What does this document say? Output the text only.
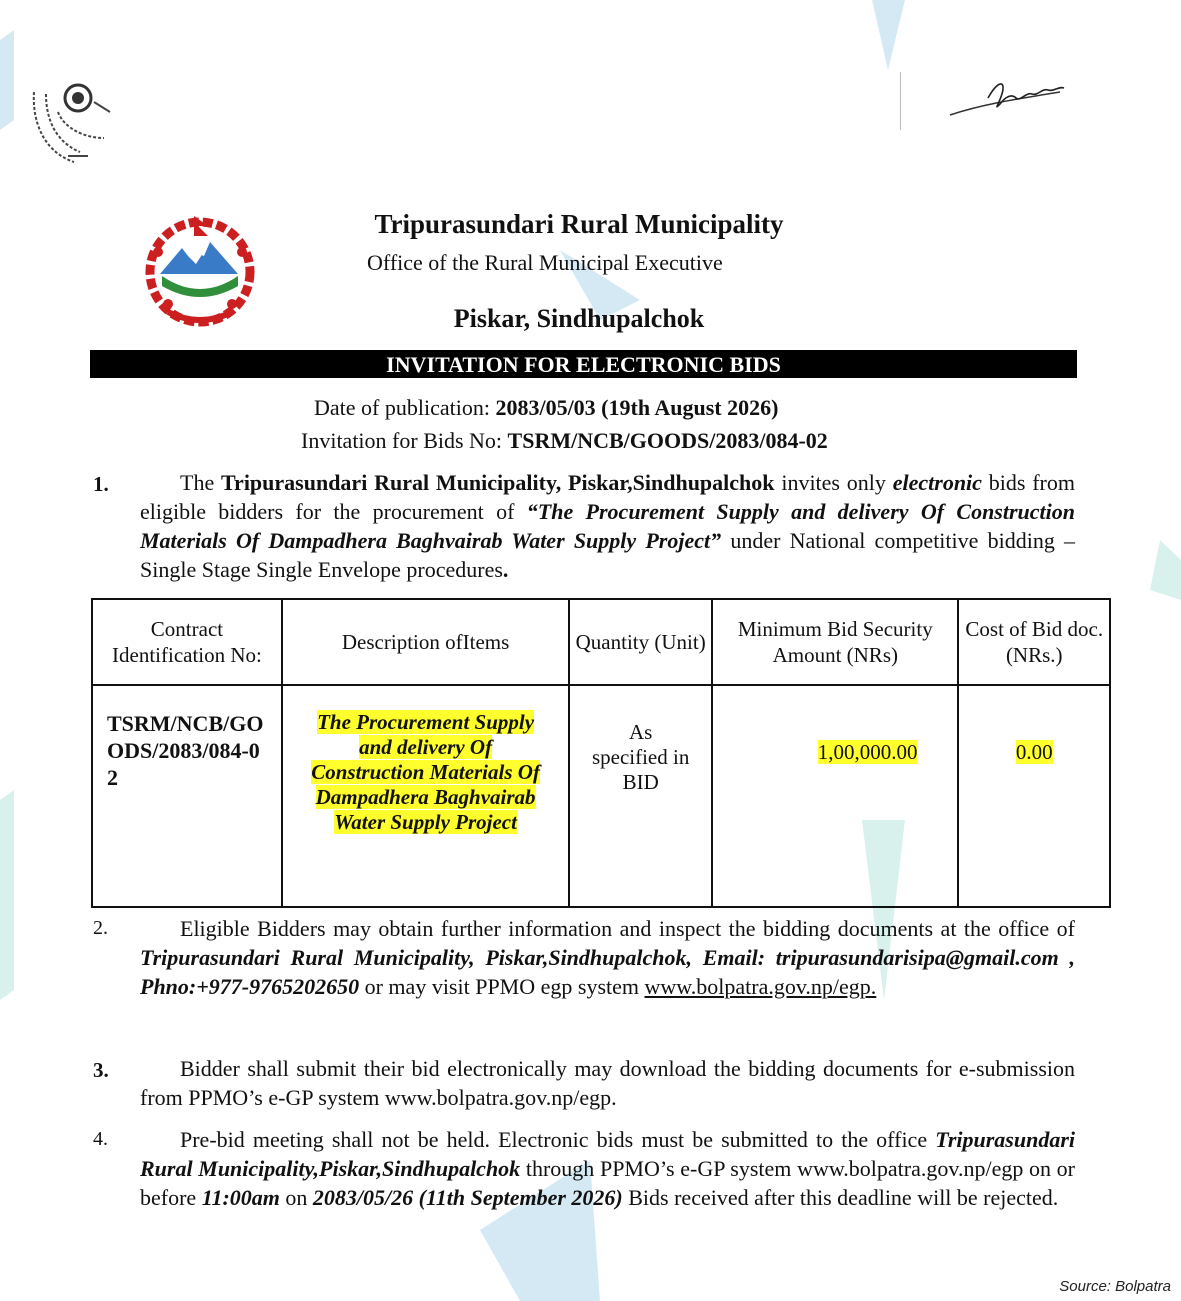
Tripurasundari Rural Municipality
Office of the Rural Municipal Executive
Piskar, Sindhupalchok
INVITATION FOR ELECTRONIC BIDS
Date of publication: 2083/05/03 (19th August 2026)
Invitation for Bids No: TSRM/NCB/GOODS/2083/084-02
1.	The Tripurasundari Rural Municipality, Piskar,Sindhupalchok invites only electronic bids from eligible bidders for the procurement of “The Procurement Supply and delivery Of Construction Materials Of Dampadhera Baghvairab Water Supply Project” under National competitive bidding – Single Stage Single Envelope procedures.
Contract Identification No:	Description ofItems	Quantity (Unit)	Minimum Bid Security Amount (NRs)	Cost of Bid doc. (NRs.)

TSRM/NCB/GOODS/2083/084-02	The Procurement Supply and delivery Of Construction Materials Of Dampadhera Baghvairab Water Supply Project	As specified in BID	1,00,000.00	0.00
2.	Eligible Bidders may obtain further information and inspect the bidding documents at the office of Tripurasundari Rural Municipality, Piskar,Sindhupalchok, Email: tripurasundarisipa@gmail.com , Phno:+977-9765202650 or may visit PPMO egp system www.bolpatra.gov.np/egp.
3.	Bidder shall submit their bid electronically may download the bidding documents for e-submission from PPMO’s e-GP system www.bolpatra.gov.np/egp.
4.	Pre-bid meeting shall not be held. Electronic bids must be submitted to the office Tripurasundari Rural Municipality,Piskar,Sindhupalchok through PPMO’s e-GP system www.bolpatra.gov.np/egp on or before 11:00am on 2083/05/26 (11th September 2026) Bids received after this deadline will be rejected.
Source: Bolpatra
